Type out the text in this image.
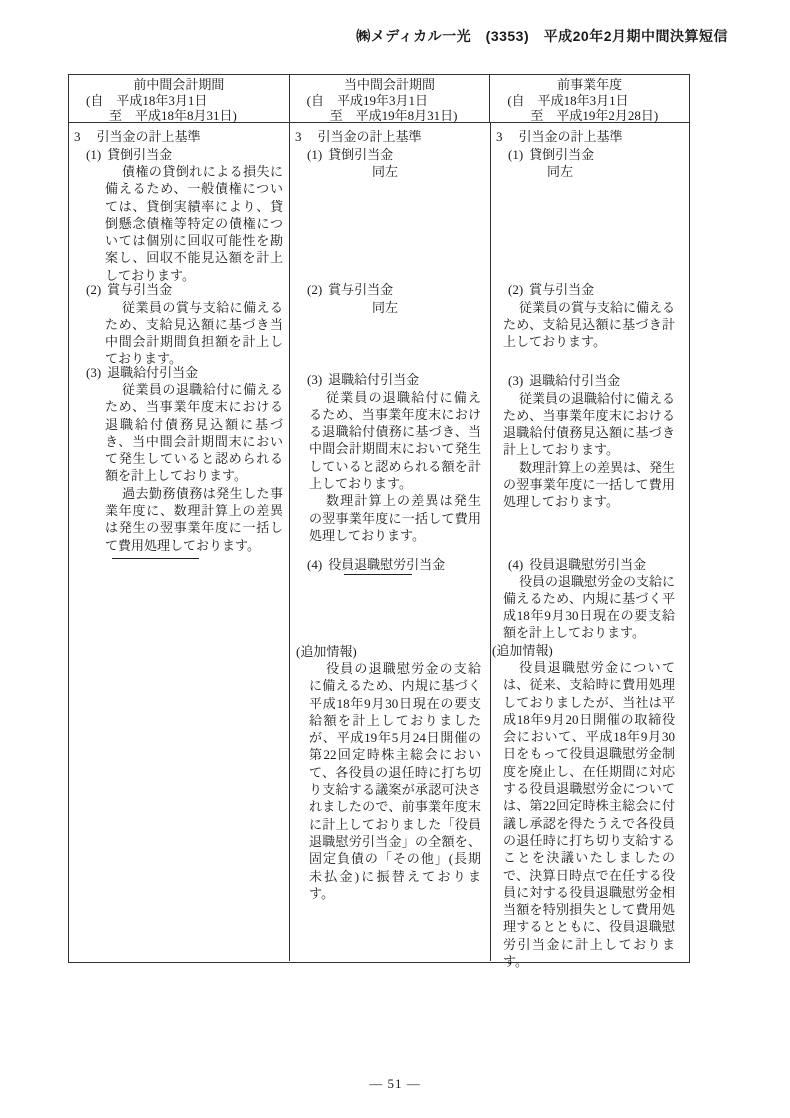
㈱メディカル一光　(3353)　平成20年2月期中間決算短信
前中間会計期間
(自　平成18年3月1日
至　平成18年8月31日)
当中間会計期間
(自　平成19年3月1日
至　平成19年8月31日)
前事業年度
(自　平成18年3月1日
至　平成19年2月28日)
3 引当金の計上基準
(1) 貸倒引当金

債権の貸倒れによる損失に備えるため、一般債権については、貸倒実績率により、貸倒懸念債権等特定の債権については個別に回収可能性を勘案し、回収不能見込額を計上しております。

(2) 賞与引当金

従業員の賞与支給に備えるため、支給見込額に基づき当中間会計期間負担額を計上しております。

(3) 退職給付引当金

従業員の退職給付に備えるため、当事業年度末における退職給付債務見込額に基づき、当中間会計期間末において発生していると認められる額を計上しております。

過去勤務債務は発生した事業年度に、数理計算上の差異は発生の翌事業年度に一括して費用処理しております。

3 引当金の計上基準
(1) 貸倒引当金
同左
(2) 賞与引当金
同左
(3) 退職給付引当金

従業員の退職給付に備えるため、当事業年度末における退職給付債務に基づき、当中間会計期間末において発生していると認められる額を計上しております。

数理計算上の差異は発生の翌事業年度に一括して費用処理しております。

(4) 役員退職慰労引当金
(追加情報)

役員の退職慰労金の支給に備えるため、内規に基づく平成18年9月30日現在の要支給額を計上しておりましたが、平成19年5月24日開催の第22回定時株主総会において、各役員の退任時に打ち切り支給する議案が承認可決されましたので、前事業年度末に計上しておりました「役員退職慰労引当金」の全額を、固定負債の「その他」(長期未払金)に振替えております。

3 引当金の計上基準
(1) 貸倒引当金
同左
(2) 賞与引当金

従業員の賞与支給に備えるため、支給見込額に基づき計上しております。

(3) 退職給付引当金

従業員の退職給付に備えるため、当事業年度末における退職給付債務見込額に基づき計上しております。

数理計算上の差異は、発生の翌事業年度に一括して費用処理しております。

(4) 役員退職慰労引当金

役員の退職慰労金の支給に備えるため、内規に基づく平成18年9月30日現在の要支給額を計上しております。

(追加情報)

役員退職慰労金については、従来、支給時に費用処理しておりましたが、当社は平成18年9月20日開催の取締役会において、平成18年9月30日をもって役員退職慰労金制度を廃止し、在任期間に対応する役員退職慰労金については、第22回定時株主総会に付議し承認を得たうえで各役員の退任時に打ち切り支給することを決議いたしましたので、決算日時点で在任する役員に対する役員退職慰労金相当額を特別損失として費用処理するとともに、役員退職慰労引当金に計上しております。

― 51 ―
